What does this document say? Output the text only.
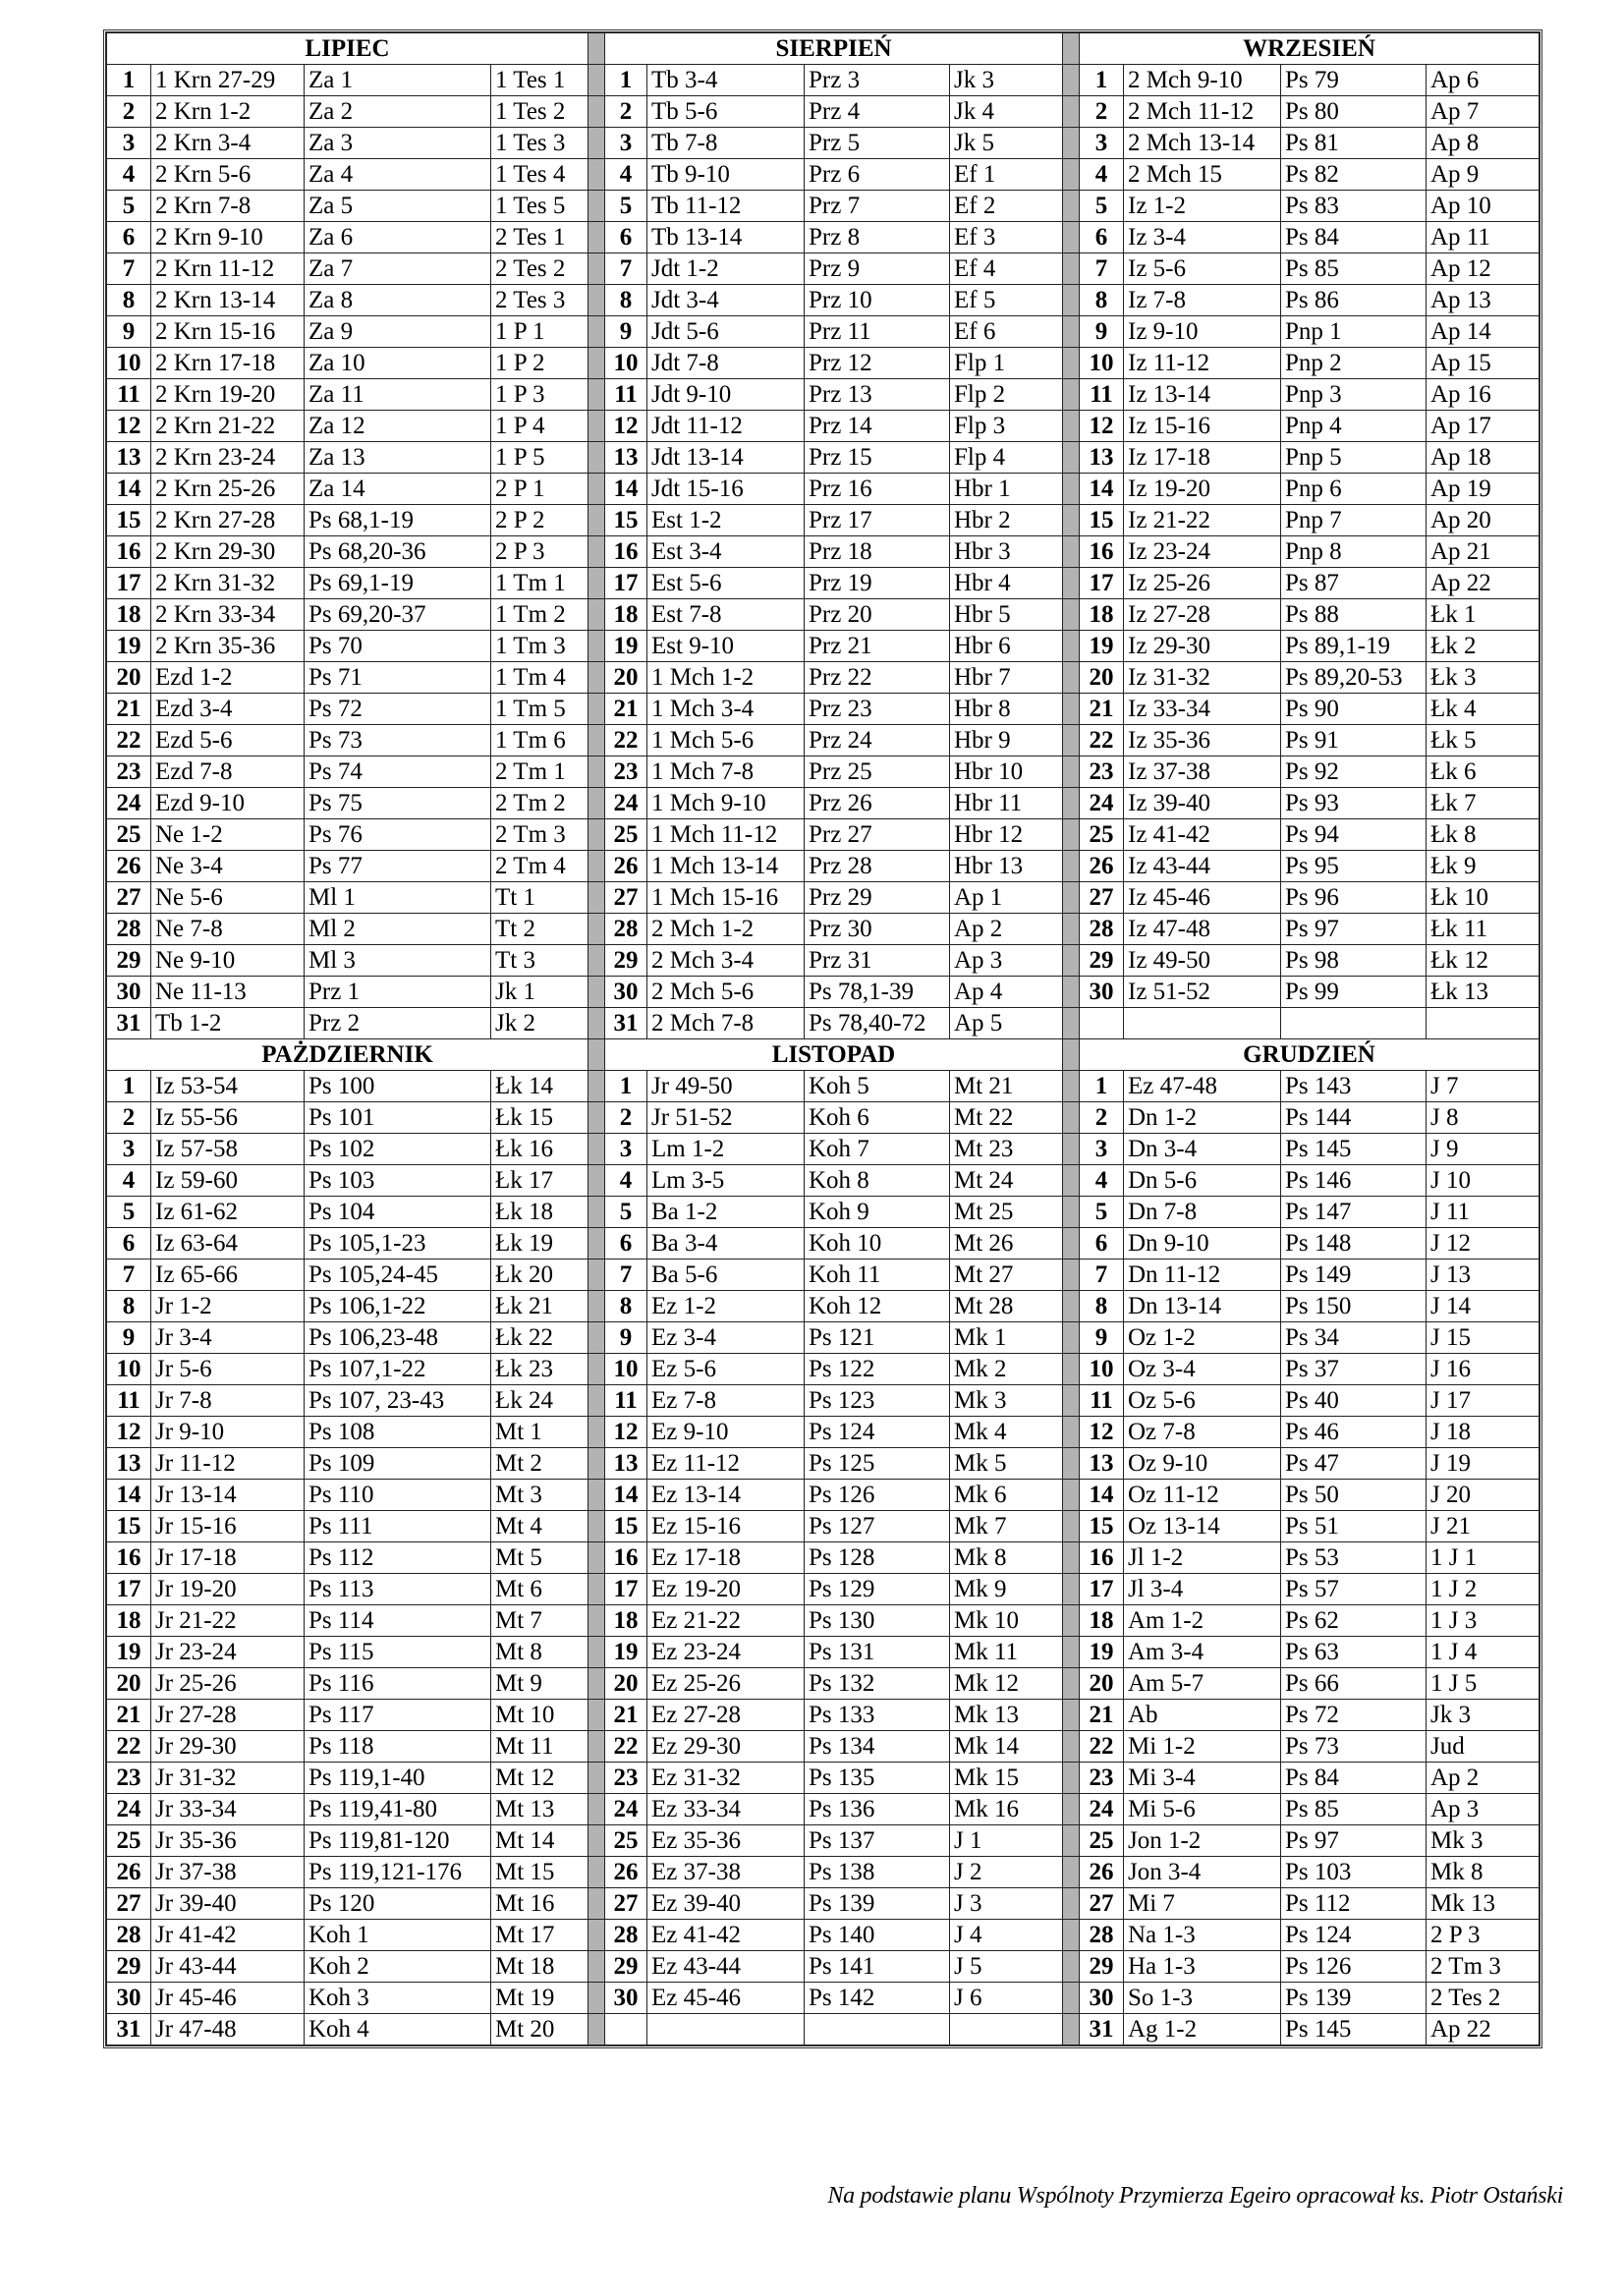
LIPIEC					SIERPIEŃ					WRZESIEŃ			
1	1 Krn 27-29	Za 1	1 Tes 1		1	Tb 3-4	Prz 3	Jk 3		1	2 Mch 9-10	Ps 79	Ap 6
2	2 Krn 1-2	Za 2	1 Tes 2		2	Tb 5-6	Prz 4	Jk 4		2	2 Mch 11-12	Ps 80	Ap 7
3	2 Krn 3-4	Za 3	1 Tes 3		3	Tb 7-8	Prz 5	Jk 5		3	2 Mch 13-14	Ps 81	Ap 8
4	2 Krn 5-6	Za 4	1 Tes 4		4	Tb 9-10	Prz 6	Ef 1		4	2 Mch 15	Ps 82	Ap 9
5	2 Krn 7-8	Za 5	1 Tes 5		5	Tb 11-12	Prz 7	Ef 2		5	Iz 1-2	Ps 83	Ap 10
6	2 Krn 9-10	Za 6	2 Tes 1		6	Tb 13-14	Prz 8	Ef 3		6	Iz 3-4	Ps 84	Ap 11
7	2 Krn 11-12	Za 7	2 Tes 2		7	Jdt 1-2	Prz 9	Ef 4		7	Iz 5-6	Ps 85	Ap 12
8	2 Krn 13-14	Za 8	2 Tes 3		8	Jdt 3-4	Prz 10	Ef 5		8	Iz 7-8	Ps 86	Ap 13
9	2 Krn 15-16	Za 9	1 P 1		9	Jdt 5-6	Prz 11	Ef 6		9	Iz 9-10	Pnp 1	Ap 14
10	2 Krn 17-18	Za 10	1 P 2		10	Jdt 7-8	Prz 12	Flp 1		10	Iz 11-12	Pnp 2	Ap 15
11	2 Krn 19-20	Za 11	1 P 3		11	Jdt 9-10	Prz 13	Flp 2		11	Iz 13-14	Pnp 3	Ap 16
12	2 Krn 21-22	Za 12	1 P 4		12	Jdt 11-12	Prz 14	Flp 3		12	Iz 15-16	Pnp 4	Ap 17
13	2 Krn 23-24	Za 13	1 P 5		13	Jdt 13-14	Prz 15	Flp 4		13	Iz 17-18	Pnp 5	Ap 18
14	2 Krn 25-26	Za 14	2 P 1		14	Jdt 15-16	Prz 16	Hbr 1		14	Iz 19-20	Pnp 6	Ap 19
15	2 Krn 27-28	Ps 68,1-19	2 P 2		15	Est 1-2	Prz 17	Hbr 2		15	Iz 21-22	Pnp 7	Ap 20
16	2 Krn 29-30	Ps 68,20-36	2 P 3		16	Est 3-4	Prz 18	Hbr 3		16	Iz 23-24	Pnp 8	Ap 21
17	2 Krn 31-32	Ps 69,1-19	1 Tm 1		17	Est 5-6	Prz 19	Hbr 4		17	Iz 25-26	Ps 87	Ap 22
18	2 Krn 33-34	Ps 69,20-37	1 Tm 2		18	Est 7-8	Prz 20	Hbr 5		18	Iz 27-28	Ps 88	Łk 1
19	2 Krn 35-36	Ps 70	1 Tm 3		19	Est 9-10	Prz 21	Hbr 6		19	Iz 29-30	Ps 89,1-19	Łk 2
20	Ezd 1-2	Ps 71	1 Tm 4		20	1 Mch 1-2	Prz 22	Hbr 7		20	Iz 31-32	Ps 89,20-53	Łk 3
21	Ezd 3-4	Ps 72	1 Tm 5		21	1 Mch 3-4	Prz 23	Hbr 8		21	Iz 33-34	Ps 90	Łk 4
22	Ezd 5-6	Ps 73	1 Tm 6		22	1 Mch 5-6	Prz 24	Hbr 9		22	Iz 35-36	Ps 91	Łk 5
23	Ezd 7-8	Ps 74	2 Tm 1		23	1 Mch 7-8	Prz 25	Hbr 10		23	Iz 37-38	Ps 92	Łk 6
24	Ezd 9-10	Ps 75	2 Tm 2		24	1 Mch 9-10	Prz 26	Hbr 11		24	Iz 39-40	Ps 93	Łk 7
25	Ne 1-2	Ps 76	2 Tm 3		25	1 Mch 11-12	Prz 27	Hbr 12		25	Iz 41-42	Ps 94	Łk 8
26	Ne 3-4	Ps 77	2 Tm 4		26	1 Mch 13-14	Prz 28	Hbr 13		26	Iz 43-44	Ps 95	Łk 9
27	Ne 5-6	Ml 1	Tt 1		27	1 Mch 15-16	Prz 29	Ap 1		27	Iz 45-46	Ps 96	Łk 10
28	Ne 7-8	Ml 2	Tt 2		28	2 Mch 1-2	Prz 30	Ap 2		28	Iz 47-48	Ps 97	Łk 11
29	Ne 9-10	Ml 3	Tt 3		29	2 Mch 3-4	Prz 31	Ap 3		29	Iz 49-50	Ps 98	Łk 12
30	Ne 11-13	Prz 1	Jk 1		30	2 Mch 5-6	Ps 78,1-39	Ap 4		30	Iz 51-52	Ps 99	Łk 13
31	Tb 1-2	Prz 2	Jk 2		31	2 Mch 7-8	Ps 78,40-72	Ap 5					
PAŻDZIERNIK					LISTOPAD					GRUDZIEŃ			
1	Iz 53-54	Ps 100	Łk 14		1	Jr 49-50	Koh 5	Mt 21		1	Ez 47-48	Ps 143	J 7
2	Iz 55-56	Ps 101	Łk 15		2	Jr 51-52	Koh 6	Mt 22		2	Dn 1-2	Ps 144	J 8
3	Iz 57-58	Ps 102	Łk 16		3	Lm 1-2	Koh 7	Mt 23		3	Dn 3-4	Ps 145	J 9
4	Iz 59-60	Ps 103	Łk 17		4	Lm 3-5	Koh 8	Mt 24		4	Dn 5-6	Ps 146	J 10
5	Iz 61-62	Ps 104	Łk 18		5	Ba 1-2	Koh 9	Mt 25		5	Dn 7-8	Ps 147	J 11
6	Iz 63-64	Ps 105,1-23	Łk 19		6	Ba 3-4	Koh 10	Mt 26		6	Dn 9-10	Ps 148	J 12
7	Iz 65-66	Ps 105,24-45	Łk 20		7	Ba 5-6	Koh 11	Mt 27		7	Dn 11-12	Ps 149	J 13
8	Jr 1-2	Ps 106,1-22	Łk 21		8	Ez 1-2	Koh 12	Mt 28		8	Dn 13-14	Ps 150	J 14
9	Jr 3-4	Ps 106,23-48	Łk 22		9	Ez 3-4	Ps 121	Mk 1		9	Oz 1-2	Ps 34	J 15
10	Jr 5-6	Ps 107,1-22	Łk 23		10	Ez 5-6	Ps 122	Mk 2		10	Oz 3-4	Ps 37	J 16
11	Jr 7-8	Ps 107, 23-43	Łk 24		11	Ez 7-8	Ps 123	Mk 3		11	Oz 5-6	Ps 40	J 17
12	Jr 9-10	Ps 108	Mt 1		12	Ez 9-10	Ps 124	Mk 4		12	Oz 7-8	Ps 46	J 18
13	Jr 11-12	Ps 109	Mt 2		13	Ez 11-12	Ps 125	Mk 5		13	Oz 9-10	Ps 47	J 19
14	Jr 13-14	Ps 110	Mt 3		14	Ez 13-14	Ps 126	Mk 6		14	Oz 11-12	Ps 50	J 20
15	Jr 15-16	Ps 111	Mt 4		15	Ez 15-16	Ps 127	Mk 7		15	Oz 13-14	Ps 51	J 21
16	Jr 17-18	Ps 112	Mt 5		16	Ez 17-18	Ps 128	Mk 8		16	Jl 1-2	Ps 53	1 J 1
17	Jr 19-20	Ps 113	Mt 6		17	Ez 19-20	Ps 129	Mk 9		17	Jl 3-4	Ps 57	1 J 2
18	Jr 21-22	Ps 114	Mt 7		18	Ez 21-22	Ps 130	Mk 10		18	Am 1-2	Ps 62	1 J 3
19	Jr 23-24	Ps 115	Mt 8		19	Ez 23-24	Ps 131	Mk 11		19	Am 3-4	Ps 63	1 J 4
20	Jr 25-26	Ps 116	Mt 9		20	Ez 25-26	Ps 132	Mk 12		20	Am 5-7	Ps 66	1 J 5
21	Jr 27-28	Ps 117	Mt 10		21	Ez 27-28	Ps 133	Mk 13		21	Ab	Ps 72	Jk 3
22	Jr 29-30	Ps 118	Mt 11		22	Ez 29-30	Ps 134	Mk 14		22	Mi 1-2	Ps 73	Jud
23	Jr 31-32	Ps 119,1-40	Mt 12		23	Ez 31-32	Ps 135	Mk 15		23	Mi 3-4	Ps 84	Ap 2
24	Jr 33-34	Ps 119,41-80	Mt 13		24	Ez 33-34	Ps 136	Mk 16		24	Mi 5-6	Ps 85	Ap 3
25	Jr 35-36	Ps 119,81-120	Mt 14		25	Ez 35-36	Ps 137	J 1		25	Jon 1-2	Ps 97	Mk 3
26	Jr 37-38	Ps 119,121-176	Mt 15		26	Ez 37-38	Ps 138	J 2		26	Jon 3-4	Ps 103	Mk 8
27	Jr 39-40	Ps 120	Mt 16		27	Ez 39-40	Ps 139	J 3		27	Mi 7	Ps 112	Mk 13
28	Jr 41-42	Koh 1	Mt 17		28	Ez 41-42	Ps 140	J 4		28	Na 1-3	Ps 124	2 P 3
29	Jr 43-44	Koh 2	Mt 18		29	Ez 43-44	Ps 141	J 5		29	Ha 1-3	Ps 126	2 Tm 3
30	Jr 45-46	Koh 3	Mt 19		30	Ez 45-46	Ps 142	J 6		30	So 1-3	Ps 139	2 Tes 2
31	Jr 47-48	Koh 4	Mt 20							31	Ag 1-2	Ps 145	Ap 22
Na podstawie planu Wspólnoty Przymierza Egeiro opracował ks. Piotr Ostański
